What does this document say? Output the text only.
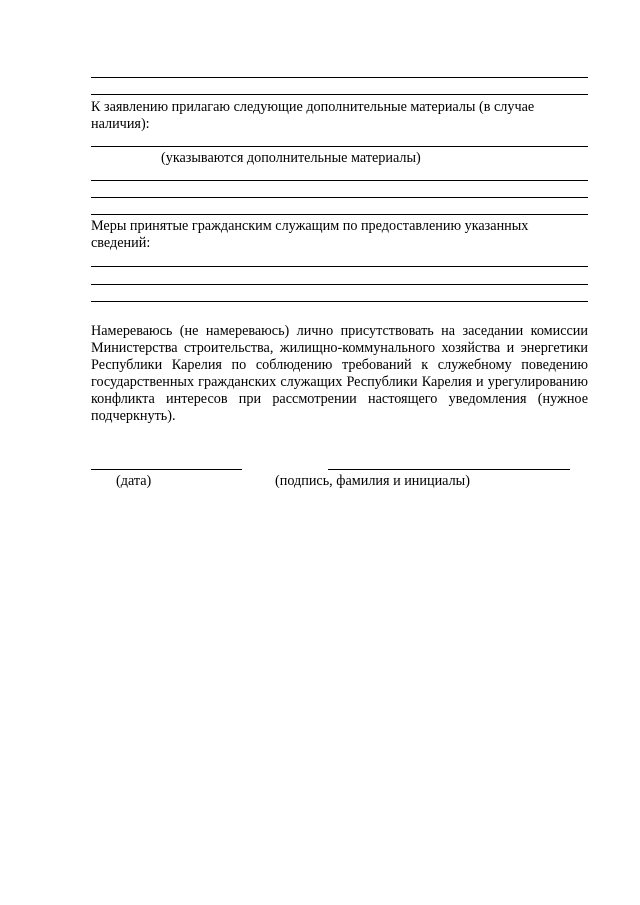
К заявлению прилагаю следующие дополнительные материалы (в случае наличия):
(указываются дополнительные материалы)
Меры принятые гражданским служащим по предоставлению указанных сведений:
Намереваюсь (не намереваюсь) лично присутствовать на заседании комиссии Министерства строительства, жилищно-коммунального хозяйства и энергетики Республики Карелия по соблюдению требований к служебному поведению государственных гражданских служащих Республики Карелия и урегулированию конфликта интересов при рассмотрении настоящего уведомления (нужное подчеркнуть).
(дата)	(подпись, фамилия и инициалы)
